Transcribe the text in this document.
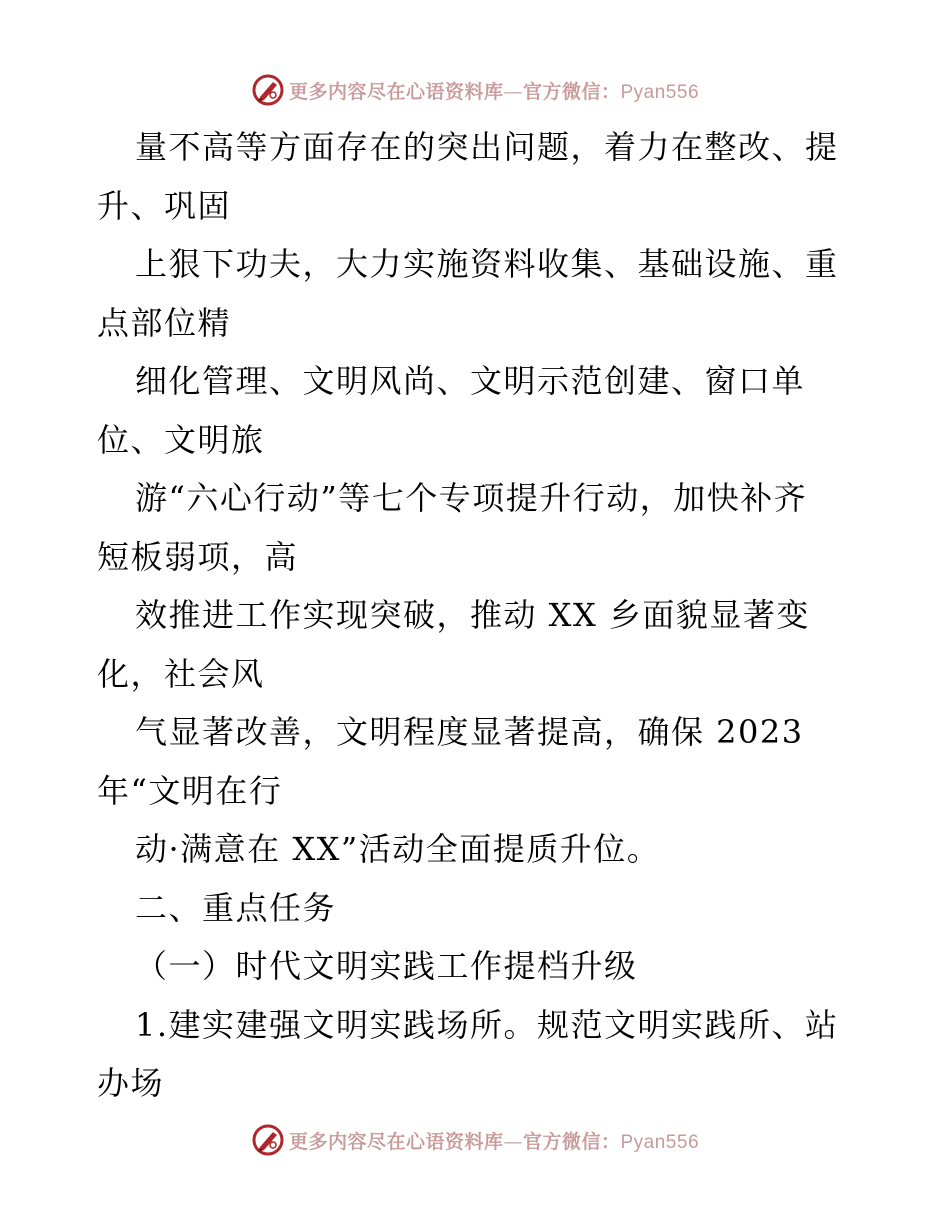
更多内容尽在心语资料库—官方微信：Pyan556
量不高等方面存在的突出问题，着力在整改、提
升、巩固
上狠下功夫，大力实施资料收集、基础设施、重
点部位精
细化管理、文明风尚、文明示范创建、窗口单
位、文明旅
游“六心行动”等七个专项提升行动，加快补齐
短板弱项，高
效推进工作实现突破，推动 XX 乡面貌显著变
化，社会风
气显著改善，文明程度显著提高，确保 2023
年“文明在行
动·满意在 XX”活动全面提质升位。
二、重点任务
（一）时代文明实践工作提档升级
1.建实建强文明实践场所。规范文明实践所、站
办场
更多内容尽在心语资料库—官方微信：Pyan556
